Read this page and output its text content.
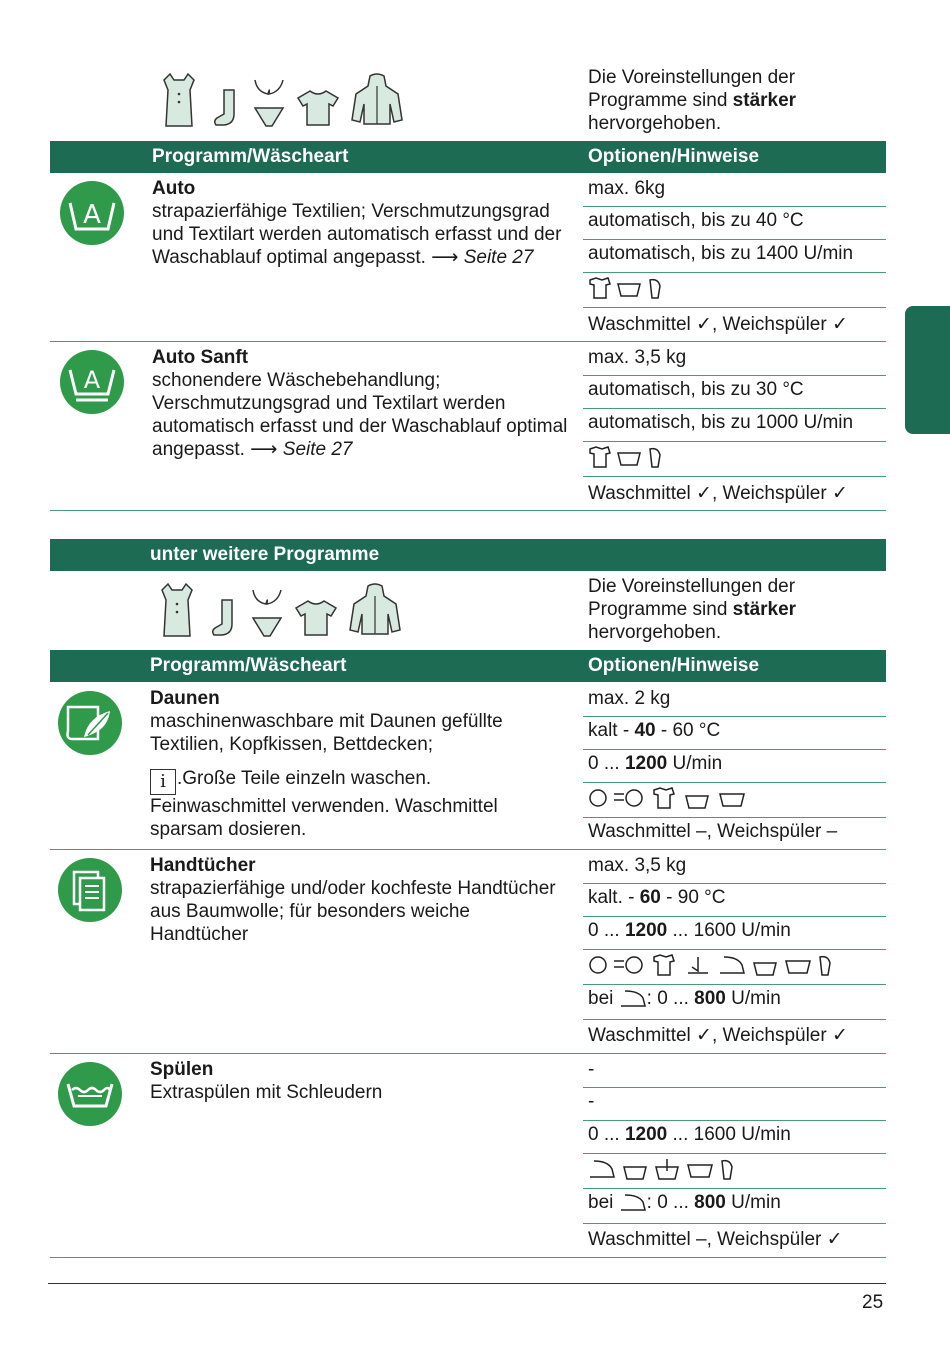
Die Voreinstellungen der
Programme sind stärker
hervorgehoben.
Programm/Wäscheart	Optionen/Hinweise
A
Auto

strapazierfähige Textilien; Verschmutzungsgrad und Textilart werden automatisch erfasst und der Waschablauf optimal angepasst. ⟶ Seite 27

max. 6kg
automatisch, bis zu 40 °C
automatisch, bis zu 1400 U/min
Waschmittel ✓, Weichspüler ✓
A
Auto Sanft

schonendere Wäschebehandlung; Verschmutzungsgrad und Textilart werden automatisch erfasst und der Waschablauf optimal angepasst. ⟶ Seite 27

max. 3,5 kg
automatisch, bis zu 30 °C
automatisch, bis zu 1000 U/min
Waschmittel ✓, Weichspüler ✓
unter weitere Programme
Die Voreinstellungen der
Programme sind stärker
hervorgehoben.
Programm/Wäscheart	Optionen/Hinweise
Daunen

maschinenwaschbare mit Daunen gefüllte Textilien, Kopfkissen, Bettdecken;

i .Große Teile einzeln waschen. Feinwaschmittel verwenden. Waschmittel sparsam dosieren.

max. 2 kg
kalt - 40 - 60 °C
0 ... 1200 U/min
Waschmittel –, Weichspüler –
Handtücher

strapazierfähige und/oder kochfeste Handtücher aus Baumwolle; für besonders weiche Handtücher

max. 3,5 kg
kalt. - 60 - 90 °C
0 ... 1200 ... 1600 U/min
bei : 0 ... 800 U/min
Waschmittel ✓, Weichspüler ✓
Spülen

Extraspülen mit Schleudern

-
-
0 ... 1200 ... 1600 U/min
bei : 0 ... 800 U/min
Waschmittel –, Weichspüler ✓
25
